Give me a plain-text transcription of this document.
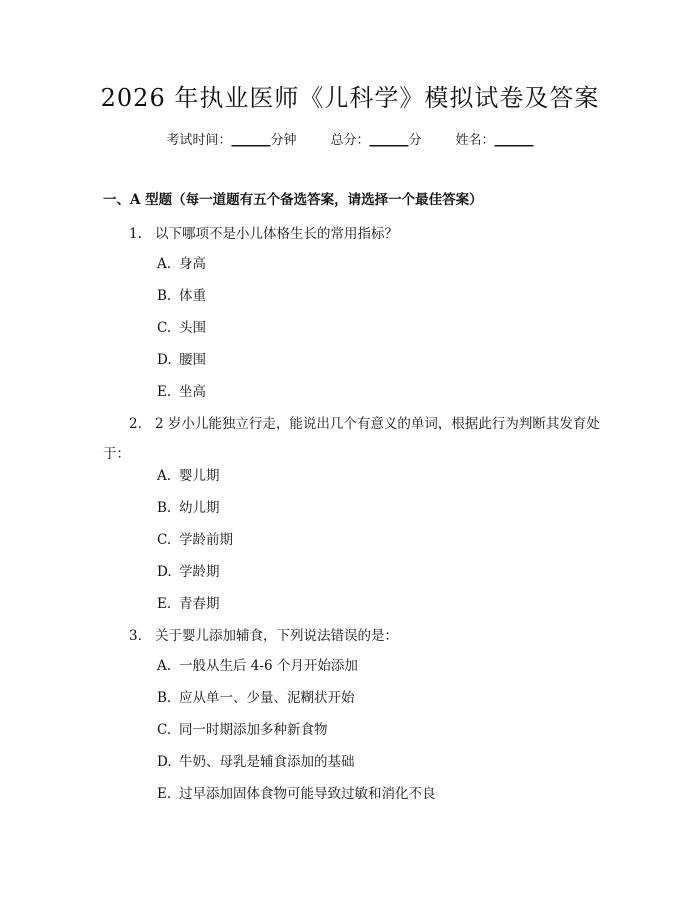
2026 年执业医师《儿科学》模拟试卷及答案
考试时间：______分钟	总分：______分	姓名：______
一、A 型题（每一道题有五个备选答案，请选择一个最佳答案）
1. 以下哪项不是小儿体格生长的常用指标？
A. 身高
B. 体重
C. 头围
D. 腰围
E. 坐高
2. 2 岁小儿能独立行走，能说出几个有意义的单词，根据此行为判断其发育处于：
A. 婴儿期
B. 幼儿期
C. 学龄前期
D. 学龄期
E. 青春期
3. 关于婴儿添加辅食，下列说法错误的是：
A. 一般从生后 4-6 个月开始添加
B. 应从单一、少量、泥糊状开始
C. 同一时期添加多种新食物
D. 牛奶、母乳是辅食添加的基础
E. 过早添加固体食物可能导致过敏和消化不良
